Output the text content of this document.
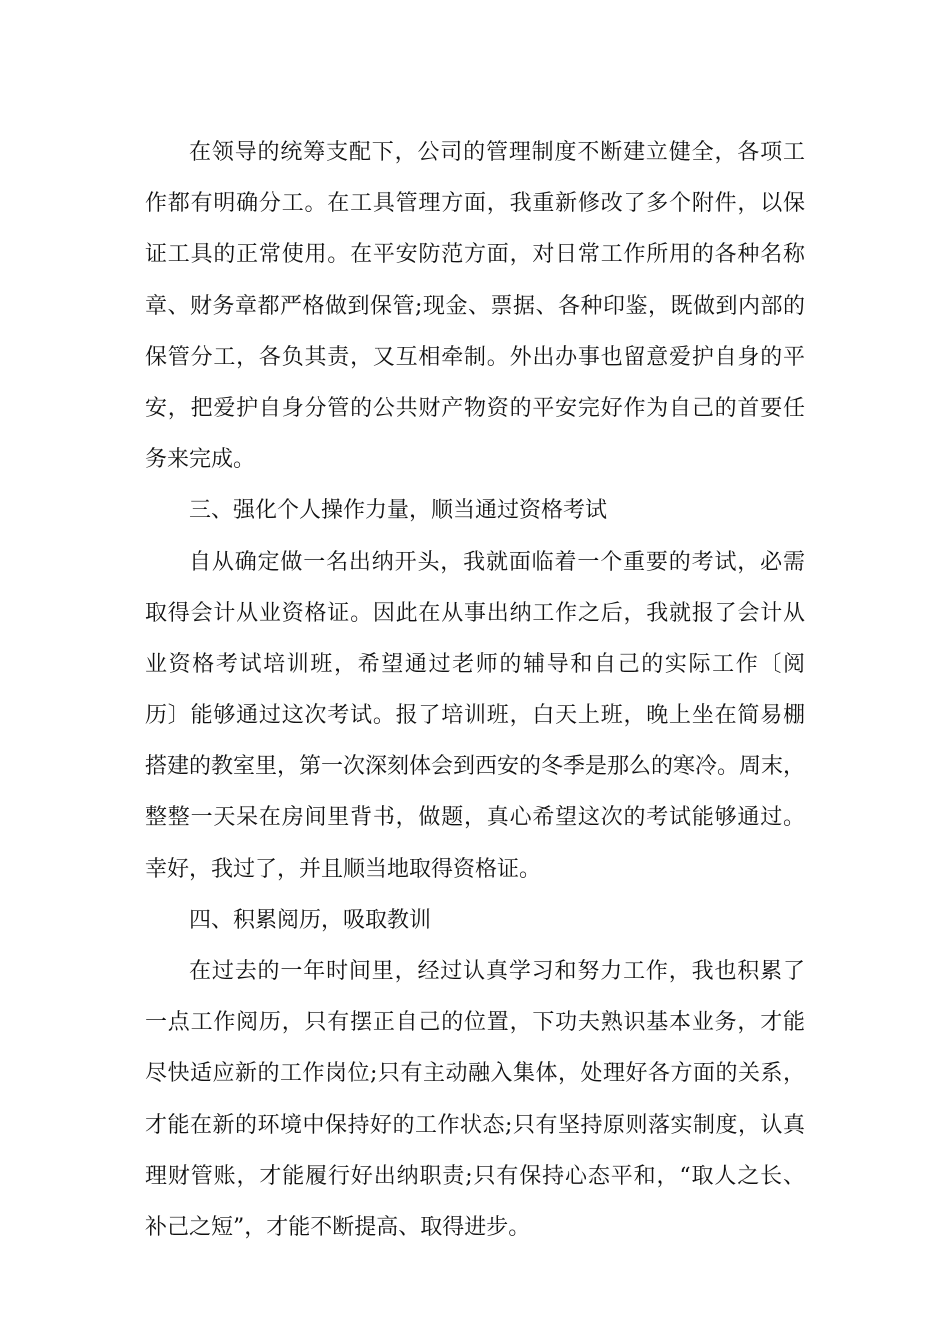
在领导的统筹支配下，公司的管理制度不断建立健全，各项工
作都有明确分工。在工具管理方面，我重新修改了多个附件，以保
证工具的正常使用。在平安防范方面，对日常工作所用的各种名称
章、财务章都严格做到保管;现金、票据、各种印鉴，既做到内部的
保管分工，各负其责，又互相牵制。外出办事也留意爱护自身的平
安，把爱护自身分管的公共财产物资的平安完好作为自己的首要任
务来完成。
三、强化个人操作力量，顺当通过资格考试
自从确定做一名出纳开头，我就面临着一个重要的考试，必需
取得会计从业资格证。因此在从事出纳工作之后，我就报了会计从
业资格考试培训班，希望通过老师的辅导和自己的实际工作〔阅
历〕能够通过这次考试。报了培训班，白天上班，晚上坐在简易棚
搭建的教室里，第一次深刻体会到西安的冬季是那么的寒冷。周末，
整整一天呆在房间里背书，做题，真心希望这次的考试能够通过。
幸好，我过了，并且顺当地取得资格证。
四、积累阅历，吸取教训
在过去的一年时间里，经过认真学习和努力工作，我也积累了
一点工作阅历，只有摆正自己的位置，下功夫熟识基本业务，才能
尽快适应新的工作岗位;只有主动融入集体，处理好各方面的关系，
才能在新的环境中保持好的工作状态;只有坚持原则落实制度，认真
理财管账，才能履行好出纳职责;只有保持心态平和，“取人之长、
补己之短”，才能不断提高、取得进步。
